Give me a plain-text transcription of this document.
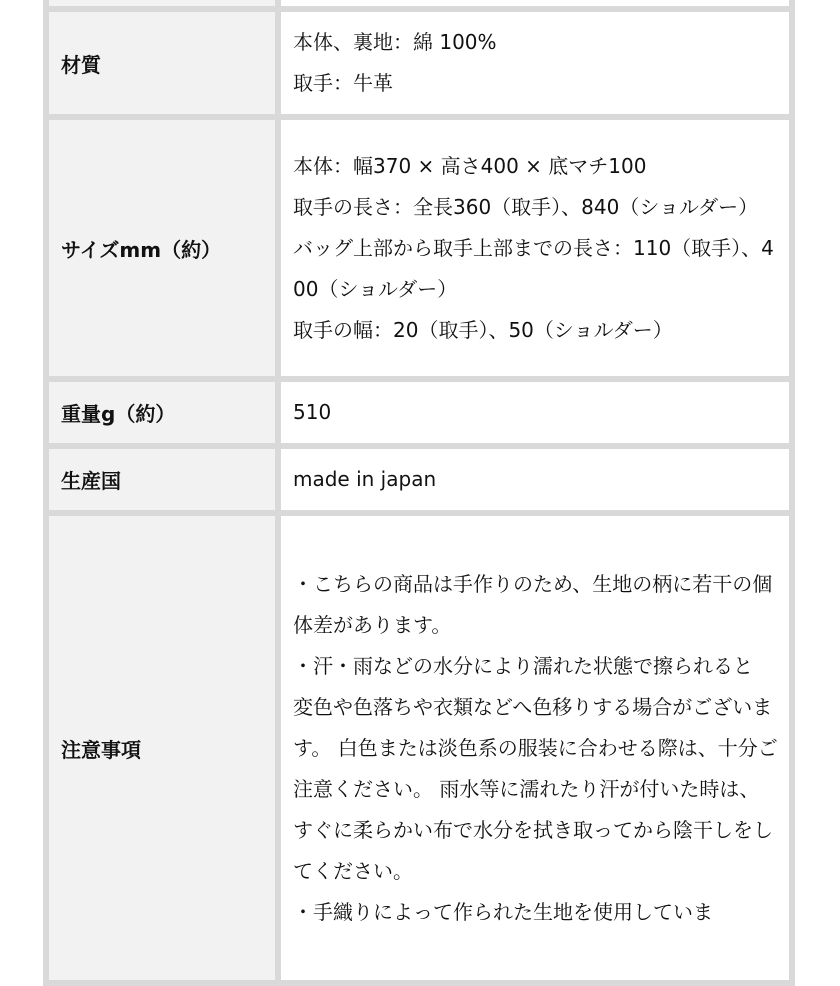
材質	本体、裏地：綿 100%
取手：牛革

サイズmm（約）	本体：幅370 × 高さ400 × 底マチ100
取手の長さ：全長360（取手）、840（ショルダー）
バッグ上部から取手上部までの長さ：110（取手）、400（ショルダー）
取手の幅：20（取手）、50（ショルダー）

重量g（約）	510

生産国	made in japan

注意事項	・こちらの商品は手作りのため、生地の柄に若干の個体差があります。
・汗・雨などの水分により濡れた状態で擦られると 変色や色落ちや衣類などへ色移りする場合がございます。 白色または淡色系の服装に合わせる際は、十分ご注意ください。 雨水等に濡れたり汗が付いた時は、すぐに柔らかい布で水分を拭き取ってから陰干しをしてください。
・手織りによって作られた生地を使用していま
